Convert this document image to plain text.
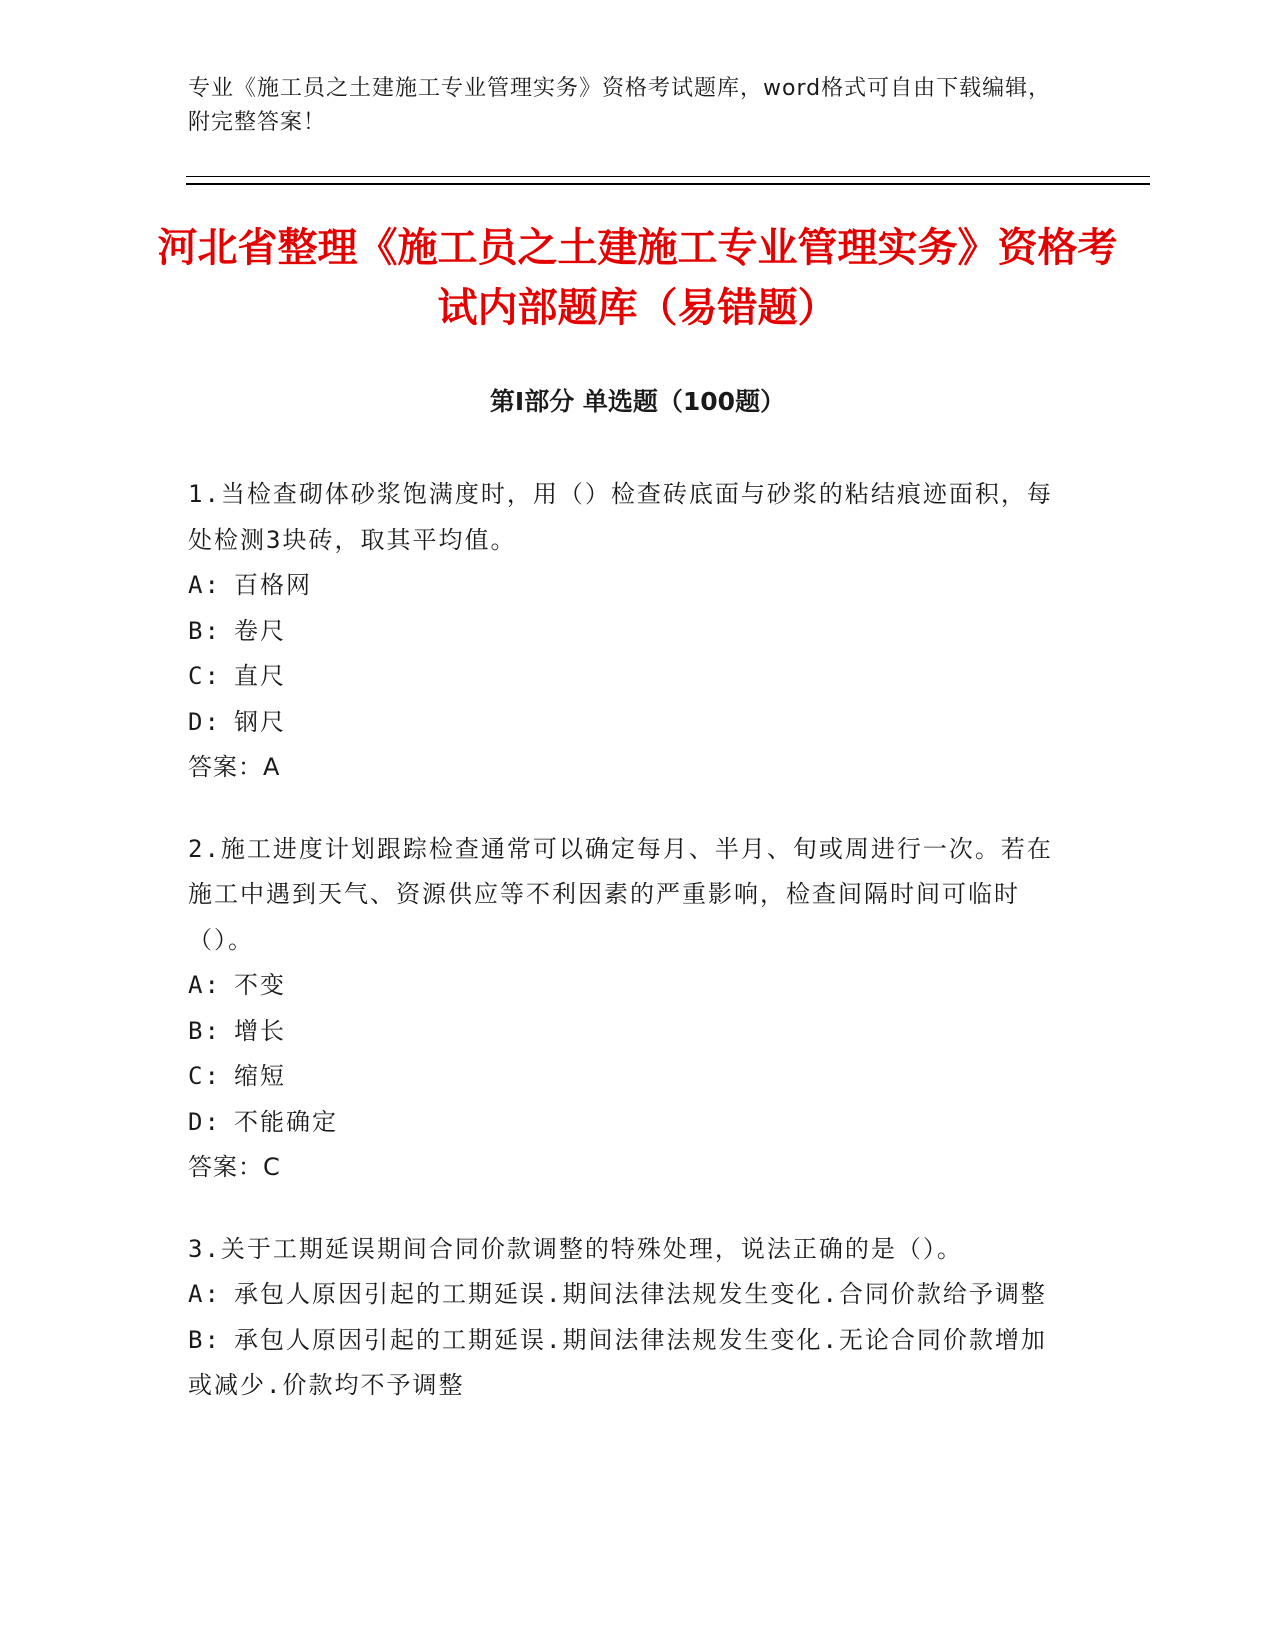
专业《施工员之土建施工专业管理实务》资格考试题库，word格式可自由下载编辑，附完整答案！
河北省整理《施工员之土建施工专业管理实务》资格考试内部题库（易错题）
第Ⅰ部分 单选题（100题）

1.当检查砌体砂浆饱满度时，用（）检查砖底面与砂浆的粘结痕迹面积，每处检测3块砖，取其平均值。

A: 百格网
B: 卷尺
C: 直尺
D: 钢尺

答案：A

2.施工进度计划跟踪检查通常可以确定每月、半月、旬或周进行一次。若在施工中遇到天气、资源供应等不利因素的严重影响，检查间隔时间可临时（）。

A: 不变
B: 增长
C: 缩短
D: 不能确定

答案：C

3.关于工期延误期间合同价款调整的特殊处理，说法正确的是（）。

A: 承包人原因引起的工期延误.期间法律法规发生变化.合同价款给予调整
B: 承包人原因引起的工期延误.期间法律法规发生变化.无论合同价款增加或减少.价款均不予调整
